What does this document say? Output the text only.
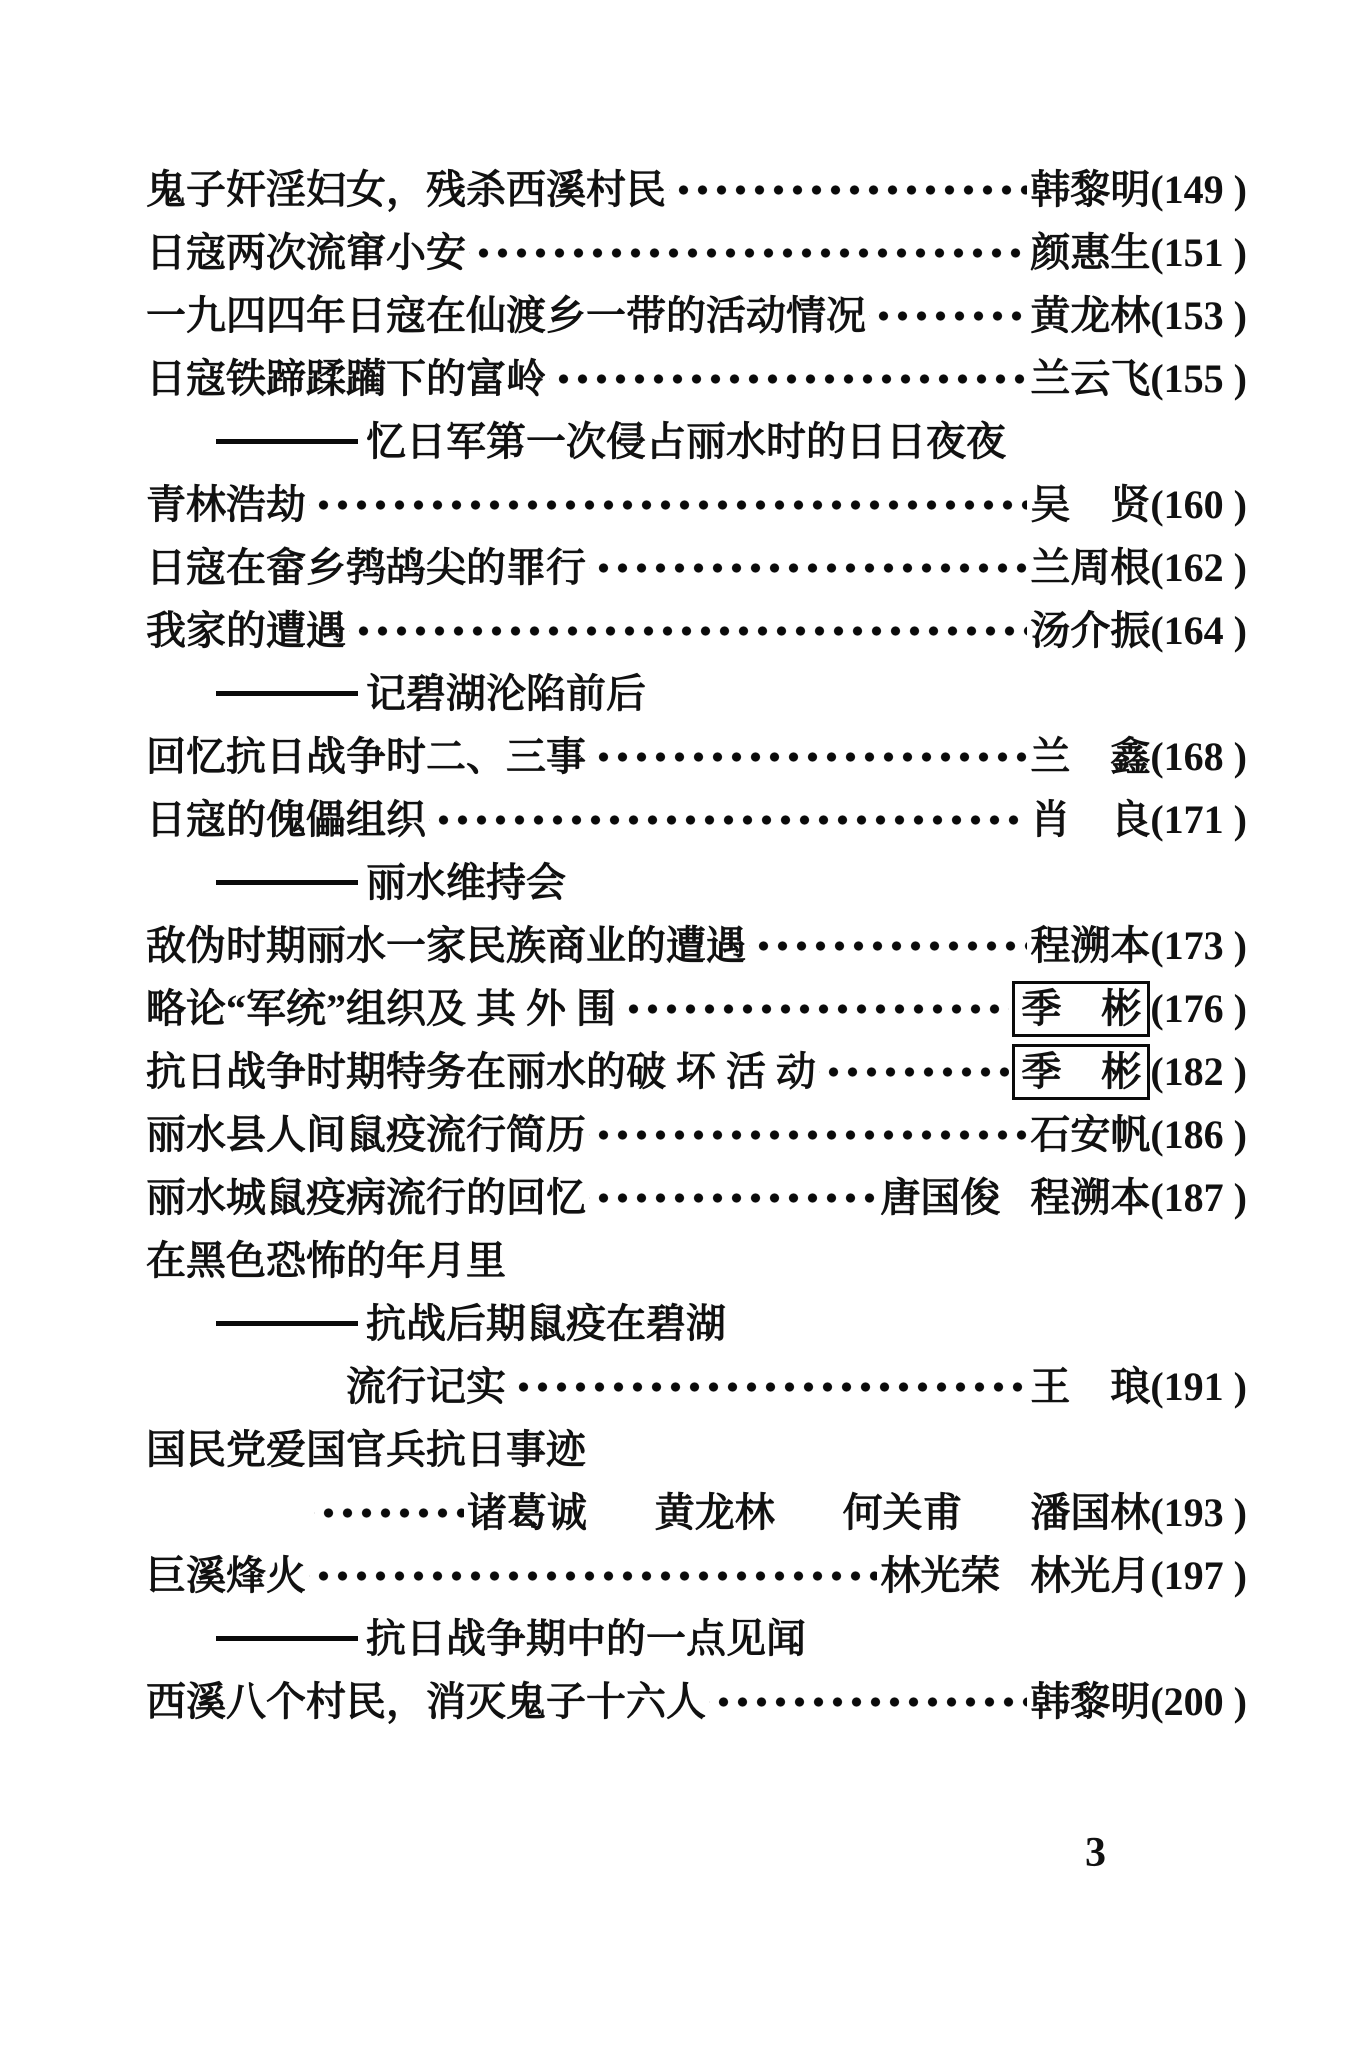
鬼子奸淫妇女，残杀西溪村民	韩黎明 (149 )
日寇两次流窜小安	颜惠生 (151 )
一九四四年日寇在仙渡乡一带的活动情况	黄龙林 (153 )
日寇铁蹄蹂躏下的富岭	兰云飞 (155 )
忆日军第一次侵占丽水时的日日夜夜
青林浩劫	吴    贤 (160 )
日寇在畲乡鹁鸪尖的罪行	兰周根 (162 )
我家的遭遇	汤介振 (164 )
记碧湖沦陷前后
回忆抗日战争时二、三事	兰    鑫 (168 )
日寇的傀儡组织	肖    良 (171 )
丽水维持会
敌伪时期丽水一家民族商业的遭遇	程溯本 (173 )
略论“军统”组织及 其 外 围	季    彬 (176 )
抗日战争时期特务在丽水的破 坏 活 动	季    彬 (182 )
丽水县人间鼠疫流行简历	石安帆 (186 )
丽水城鼠疫病流行的回忆	唐国俊   程溯本 (187 )
在黑色恐怖的年月里
抗战后期鼠疫在碧湖
流行记实	王    琅 (191 )
国民党爱国官兵抗日事迹
诸葛诚 黄龙林 何关甫 潘国林 (193 )
巨溪烽火	林光荣   林光月 (197 )
抗日战争期中的一点见闻
西溪八个村民，消灭鬼子十六人	韩黎明 (200 )
3
